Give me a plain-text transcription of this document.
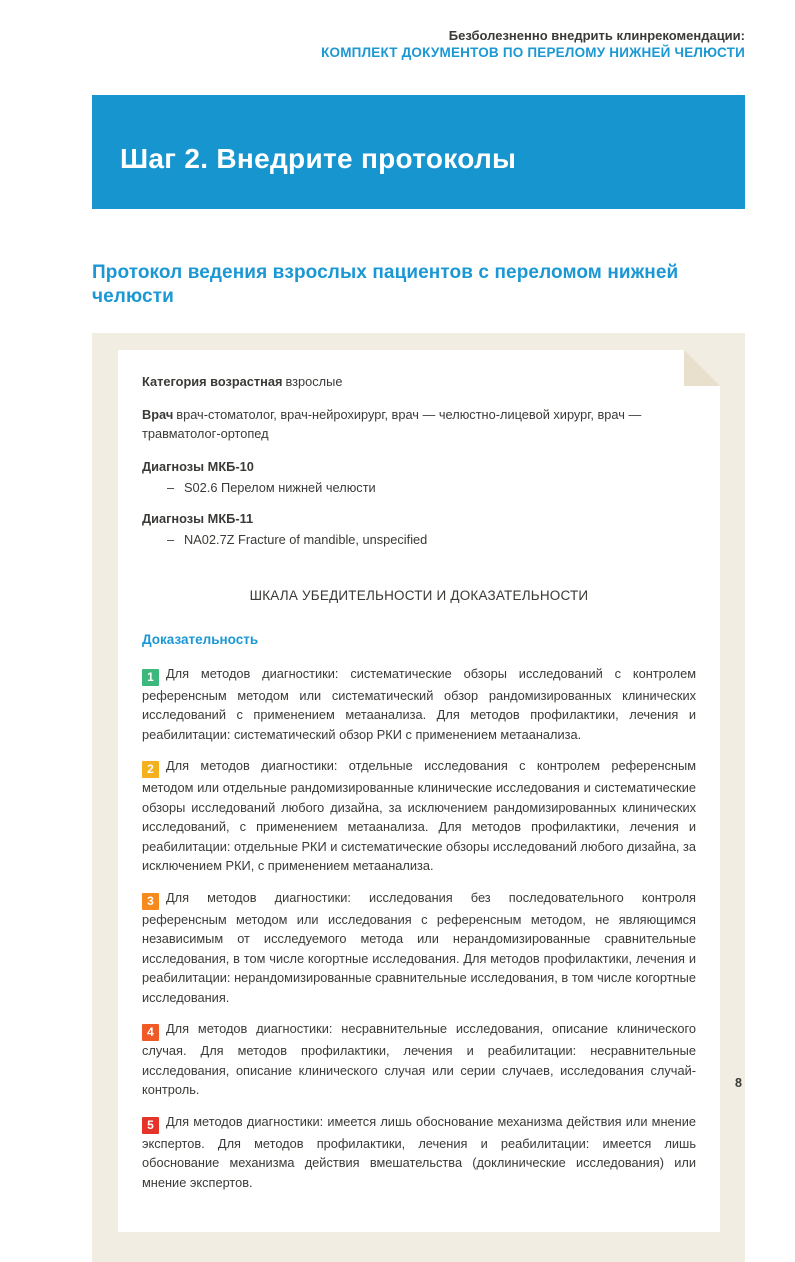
Безболезненно внедрить клинрекомендации:
КОМПЛЕКТ ДОКУМЕНТОВ ПО ПЕРЕЛОМУ НИЖНЕЙ ЧЕЛЮСТИ
Шаг 2. Внедрите протоколы
Протокол ведения взрослых пациентов с переломом нижней челюсти

Категория возрастная взрослые

Врач врач-стоматолог, врач-нейрохирург, врач — челюстно-лицевой хирург, врач — травматолог-ортопед

Диагнозы МКБ-10

– S02.6 Перелом нижней челюсти

Диагнозы МКБ-11

– NA02.7Z Fracture of mandible, unspecified

ШКАЛА УБЕДИТЕЛЬНОСТИ И ДОКАЗАТЕЛЬНОСТИ

Доказательность

1 Для методов диагностики: систематические обзоры исследований с контролем референсным методом или систематический обзор рандомизированных клинических исследований с применением метаанализа. Для методов профилактики, лечения и реабилитации: систематический обзор РКИ с применением метаанализа.

2 Для методов диагностики: отдельные исследования с контролем референсным методом или отдельные рандомизированные клинические исследования и систематические обзоры исследований любого дизайна, за исключением рандомизированных клинических исследований, с применением метаанализа. Для методов профилактики, лечения и реабилитации: отдельные РКИ и систематические обзоры исследований любого дизайна, за исключением РКИ, с применением метаанализа.

3 Для методов диагностики: исследования без последовательного контроля референсным методом или исследования с референсным методом, не являющимся независимым от исследуемого метода или нерандомизированные сравнительные исследования, в том числе когортные исследования. Для методов профилактики, лечения и реабилитации: нерандомизированные сравнительные исследования, в том числе когортные исследования.

4 Для методов диагностики: несравнительные исследования, описание клинического случая. Для методов профилактики, лечения и реабилитации: несравнительные исследования, описание клинического случая или серии случаев, исследования случай-контроль.

5 Для методов диагностики: имеется лишь обоснование механизма действия или мнение экспертов. Для методов профилактики, лечения и реабилитации: имеется лишь обоснование механизма действия вмешательства (доклинические исследования) или мнение экспертов.

8
